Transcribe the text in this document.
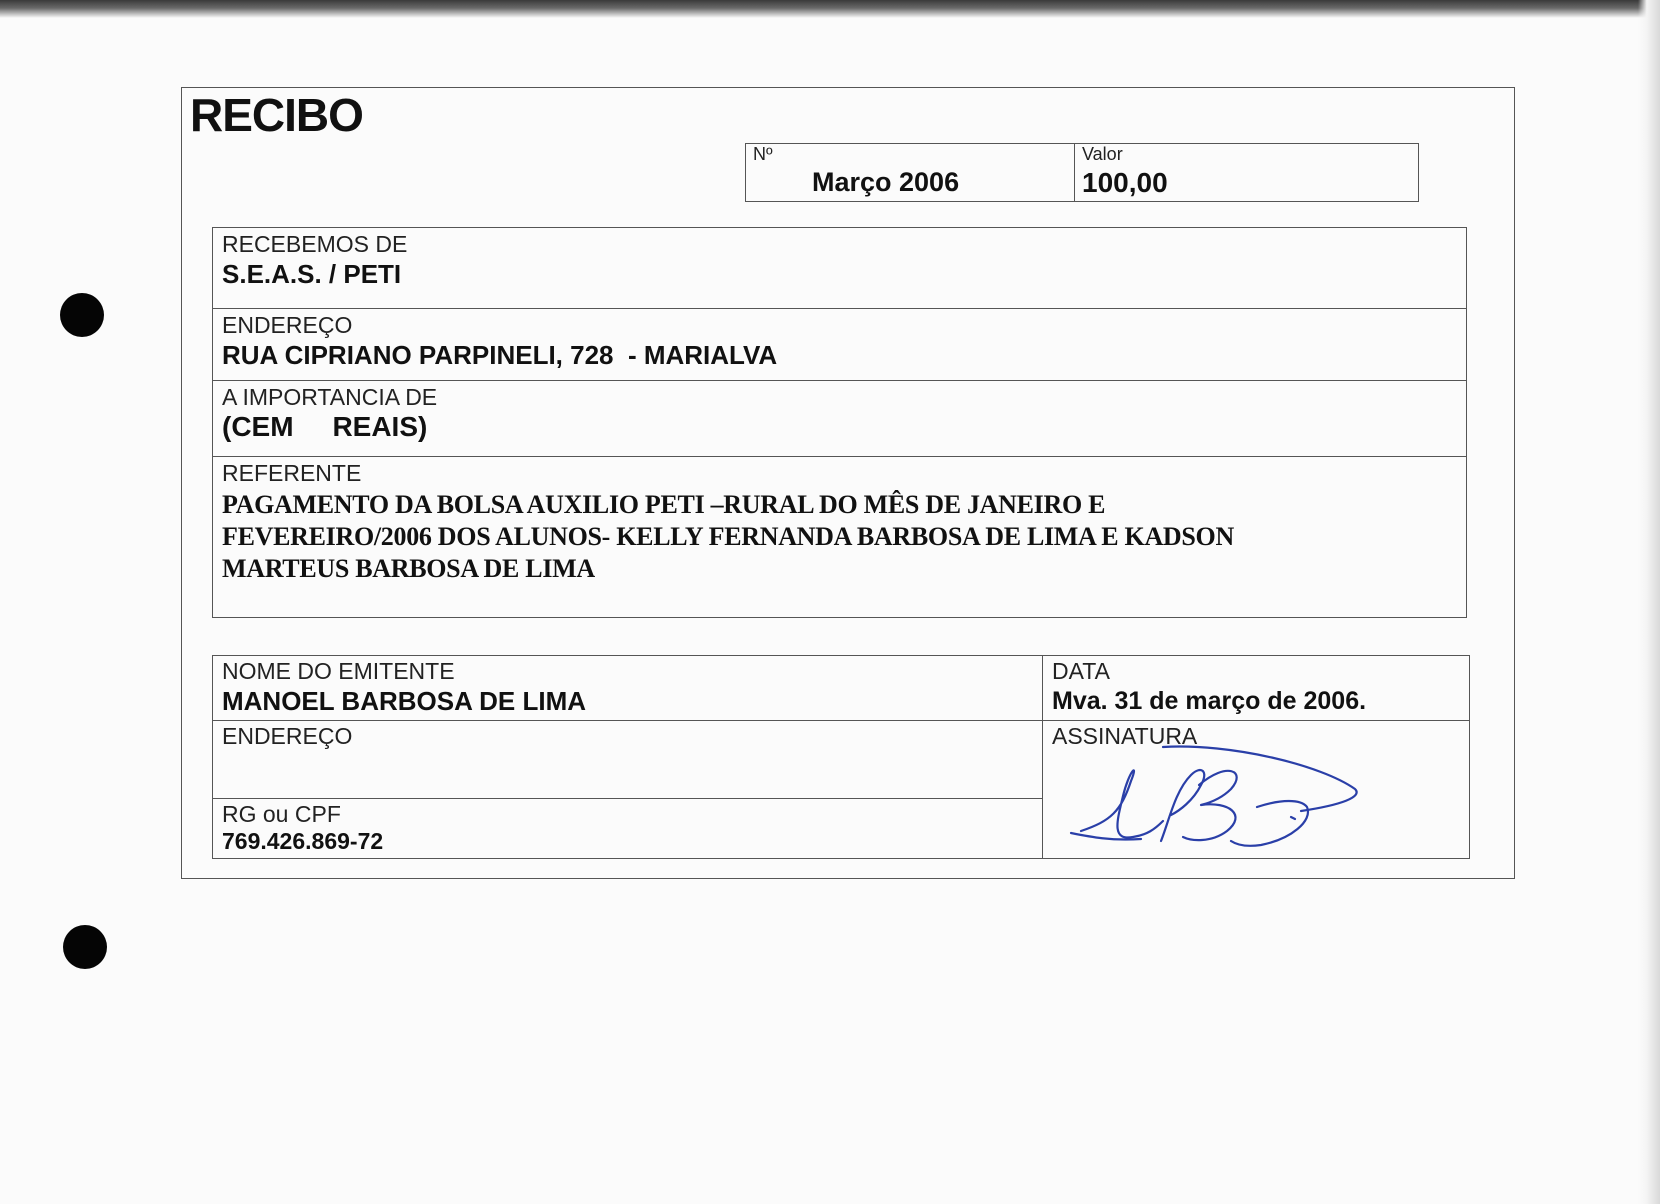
RECIBO
Nº
Março 2006
Valor
100,00
RECEBEMOS DE
S.E.A.S. / PETI
ENDEREÇO
RUA CIPRIANO PARPINELI, 728  - MARIALVA
A IMPORTANCIA DE
(CEM     REAIS)
REFERENTE
PAGAMENTO DA BOLSA AUXILIO PETI –RURAL DO MÊS DE JANEIRO E FEVEREIRO/2006 DOS ALUNOS- KELLY FERNANDA BARBOSA DE LIMA E KADSON MARTEUS BARBOSA DE LIMA
NOME DO EMITENTE
MANOEL BARBOSA DE LIMA
DATA
Mva. 31 de março de 2006.
ENDEREÇO
RG ou CPF
769.426.869-72
ASSINATURA
